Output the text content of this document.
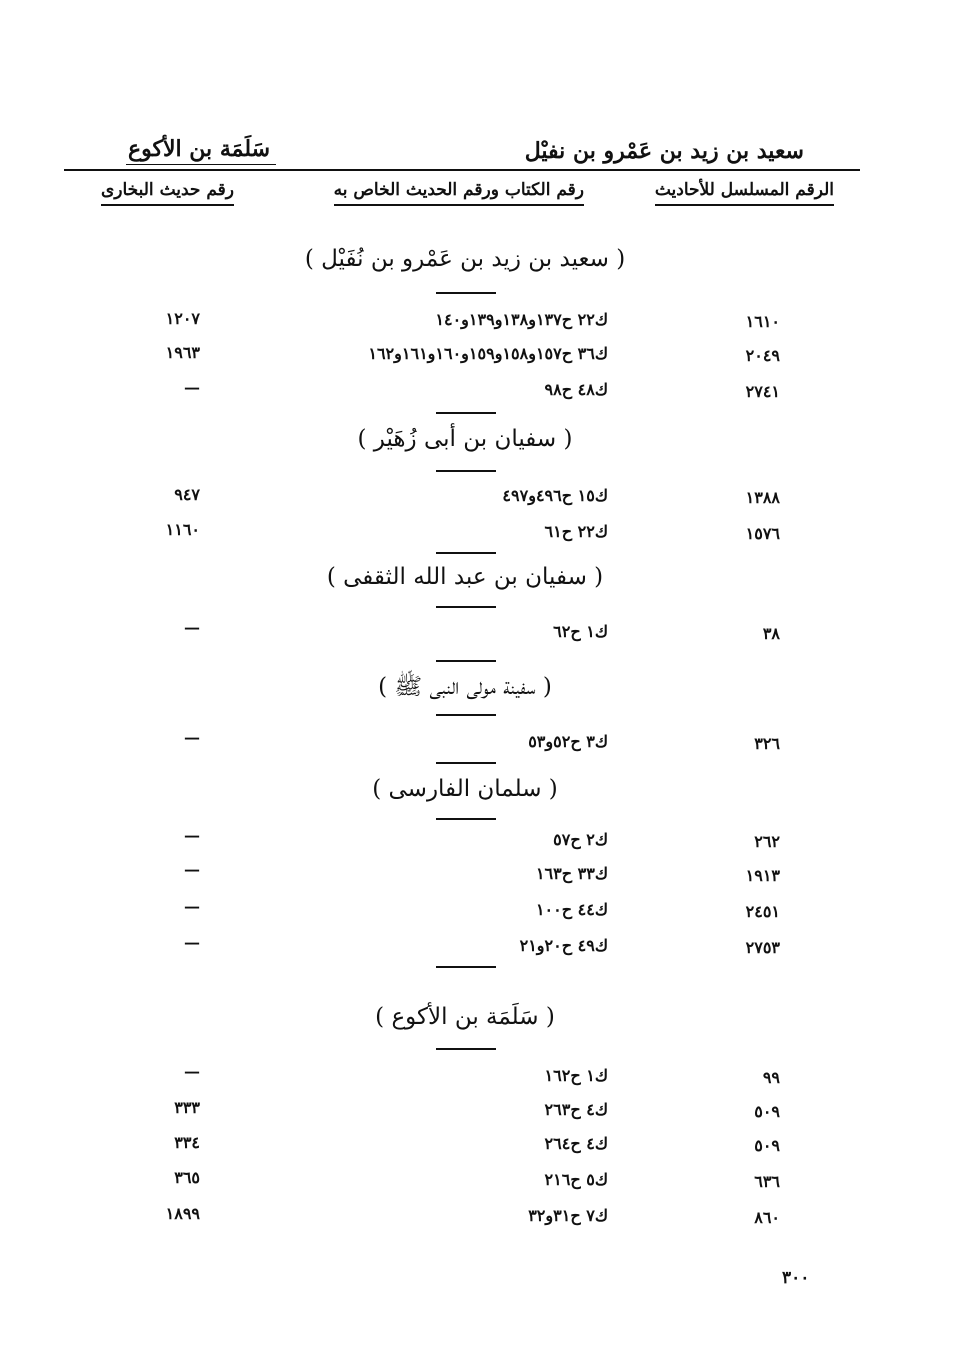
سَلَمَة بن الأكوع	سعيد بن زيد بن عَمْرو بن نفيْل
الرقم المسلسل للأحاديث
رقم الكتاب ورقم الحديث الخاص به
رقم حديث البخارى
( سعيد بن زيد بن عَمْرو بن نُفَيْل )
١٦١٠
ك٢٢ ح١٣٧و١٣٨و١٣٩و١٤٠
١٢٠٧
٢٠٤٩
ك٣٦ ح١٥٧و١٥٨و١٥٩و١٦٠و١٦١و١٦٢
١٩٦٣
٢٧٤١
ك٤٨ ح٩٨
—
( سفيان بن أبى زُهَيْر )
١٣٨٨
ك١٥ ح٤٩٦و٤٩٧
٩٤٧
١٥٧٦
ك٢٢ ح٦١
١١٦٠
( سفيان بن عبد الله الثقفى )
٣٨
ك١ ح٦٢
—
( سفينة مولى النبى ﷺ )
٣٢٦
ك٣ ح٥٢و٥٣
—
( سلمان الفارسى )
٢٦٢
ك٢ ح٥٧
—
١٩١٣
ك٣٣ ح١٦٣
—
٢٤٥١
ك٤٤ ح١٠٠
—
٢٧٥٣
ك٤٩ ح٢٠و٢١
—
( سَلَمَة بن الأكوع )
٩٩
ك١ ح١٦٢
—
٥٠٩
ك٤ ح٢٦٣
٣٣٣
٥٠٩
ك٤ ح٢٦٤
٣٣٤
٦٣٦
ك٥ ح٢١٦
٣٦٥
٨٦٠
ك٧ ح٣١و٣٢
١٨٩٩
٣٠٠
